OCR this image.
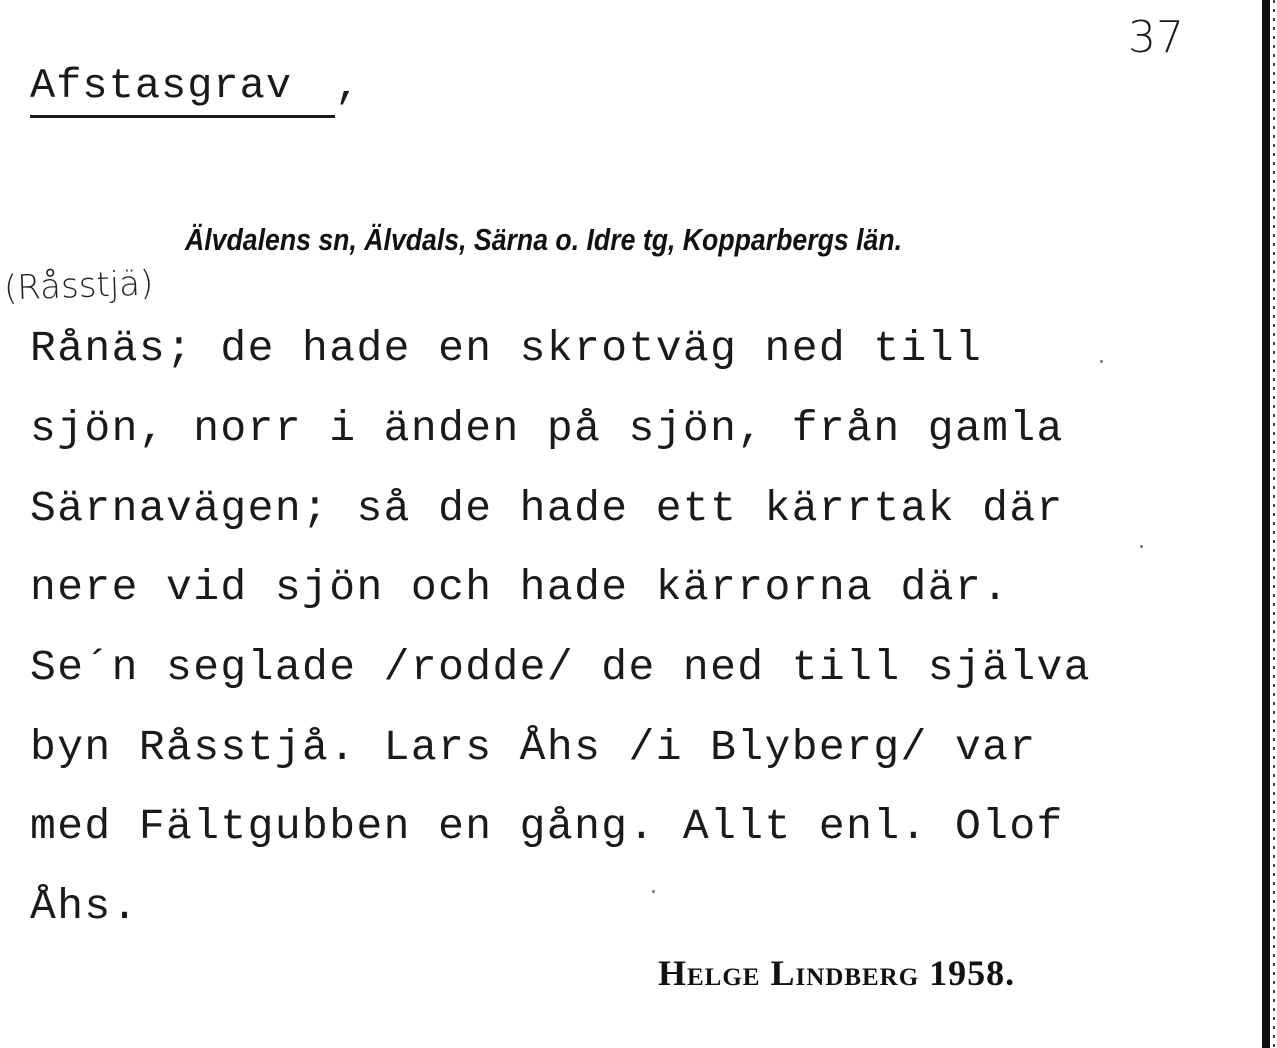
37
Afstasgrav ,
Älvdalens sn, Älvdals, Särna o. Idre tg, Kopparbergs län.
(Råsstjä)
Rånäs; de hade en skrotväg ned till
sjön, norr i änden på sjön, från gamla
Särnavägen; så de hade ett kärrtak där
nere vid sjön och hade kärrorna där.
Se´n seglade /rodde/ de ned till själva
byn Råsstjå. Lars Åhs /i Blyberg/ var
med Fältgubben en gång. Allt enl. Olof
Åhs.
Helge Lindberg 1958.
